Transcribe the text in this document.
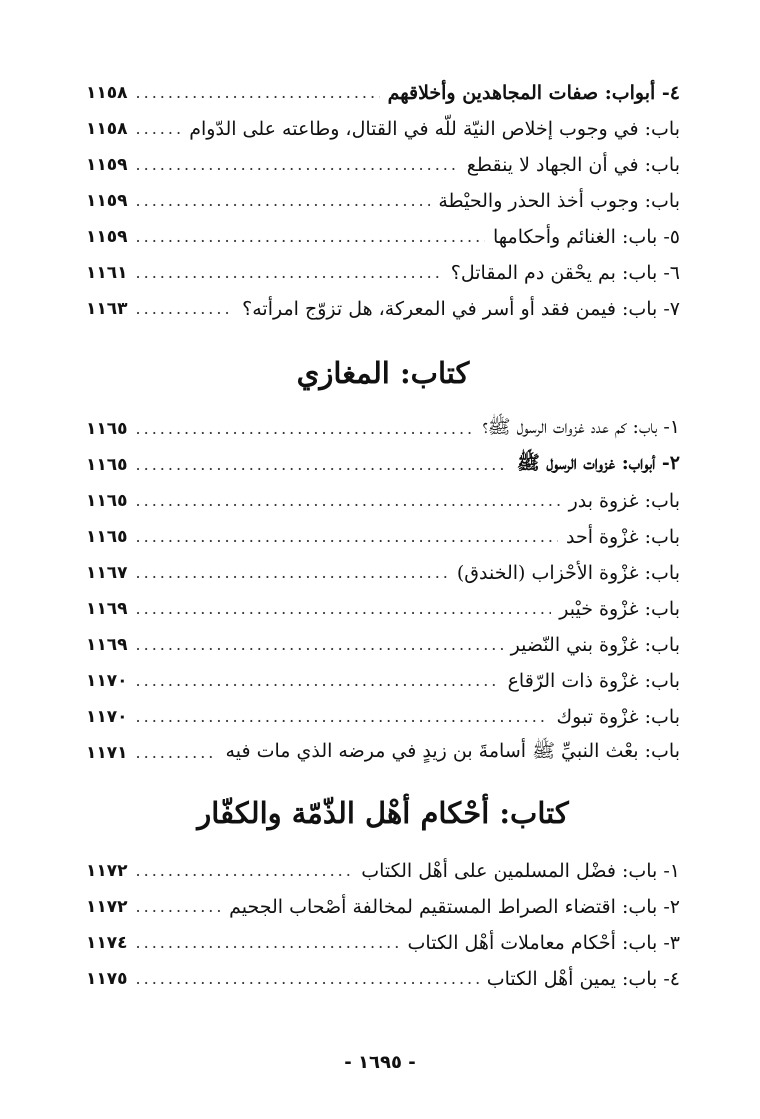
٤- أبواب: صفات المجاهدين وأخلاقهم
.....
١١٥٨
باب: في وجوب إخلاص النيّة للّه في القتال، وطاعته على الدّوام
.....
١١٥٨
باب: في أن الجهاد لا ينقطع
.....
١١٥٩
باب: وجوب أخذ الحذر والحيْطة
.....
١١٥٩
٥- باب: الغنائم وأحكامها
.....
١١٥٩
٦- باب: بم يحْقن دم المقاتل؟
.....
١١٦١
٧- باب: فيمن فقد أو أسر في المعركة، هل تزوّج امرأته؟
.....
١١٦٣
كتاب: المغازي
١- باب: كم عدد غزوات الرسول ﷺ؟
.....
١١٦٥
٢- أبواب: غزوات الرسول ﷺ
.....
١١٦٥
باب: غزوة بدر
.....
١١٦٥
باب: غزْوة أحد
.....
١١٦٥
باب: غزْوة الأحْزاب (الخندق)
.....
١١٦٧
باب: غزْوة خيْبر
.....
١١٦٩
باب: غزْوة بني النّضير
.....
١١٦٩
باب: غزْوة ذات الرّقاع
.....
١١٧٠
باب: غزْوة تبوك
.....
١١٧٠
باب: بعْث النبيِّ ﷺ أسامةَ بن زيدٍ في مرضه الذي مات فيه
.....
١١٧١
كتاب: أحْكام أهْل الذّمّة والكفّار
١- باب: فضْل المسلمين على أهْل الكتاب
.....
١١٧٢
٢- باب: اقتضاء الصراط المستقيم لمخالفة أصْحاب الجحيم
.....
١١٧٢
٣- باب: أحْكام معاملات أهْل الكتاب
.....
١١٧٤
٤- باب: يمين أهْل الكتاب
.....
١١٧٥
- ١٦٩٥ -
